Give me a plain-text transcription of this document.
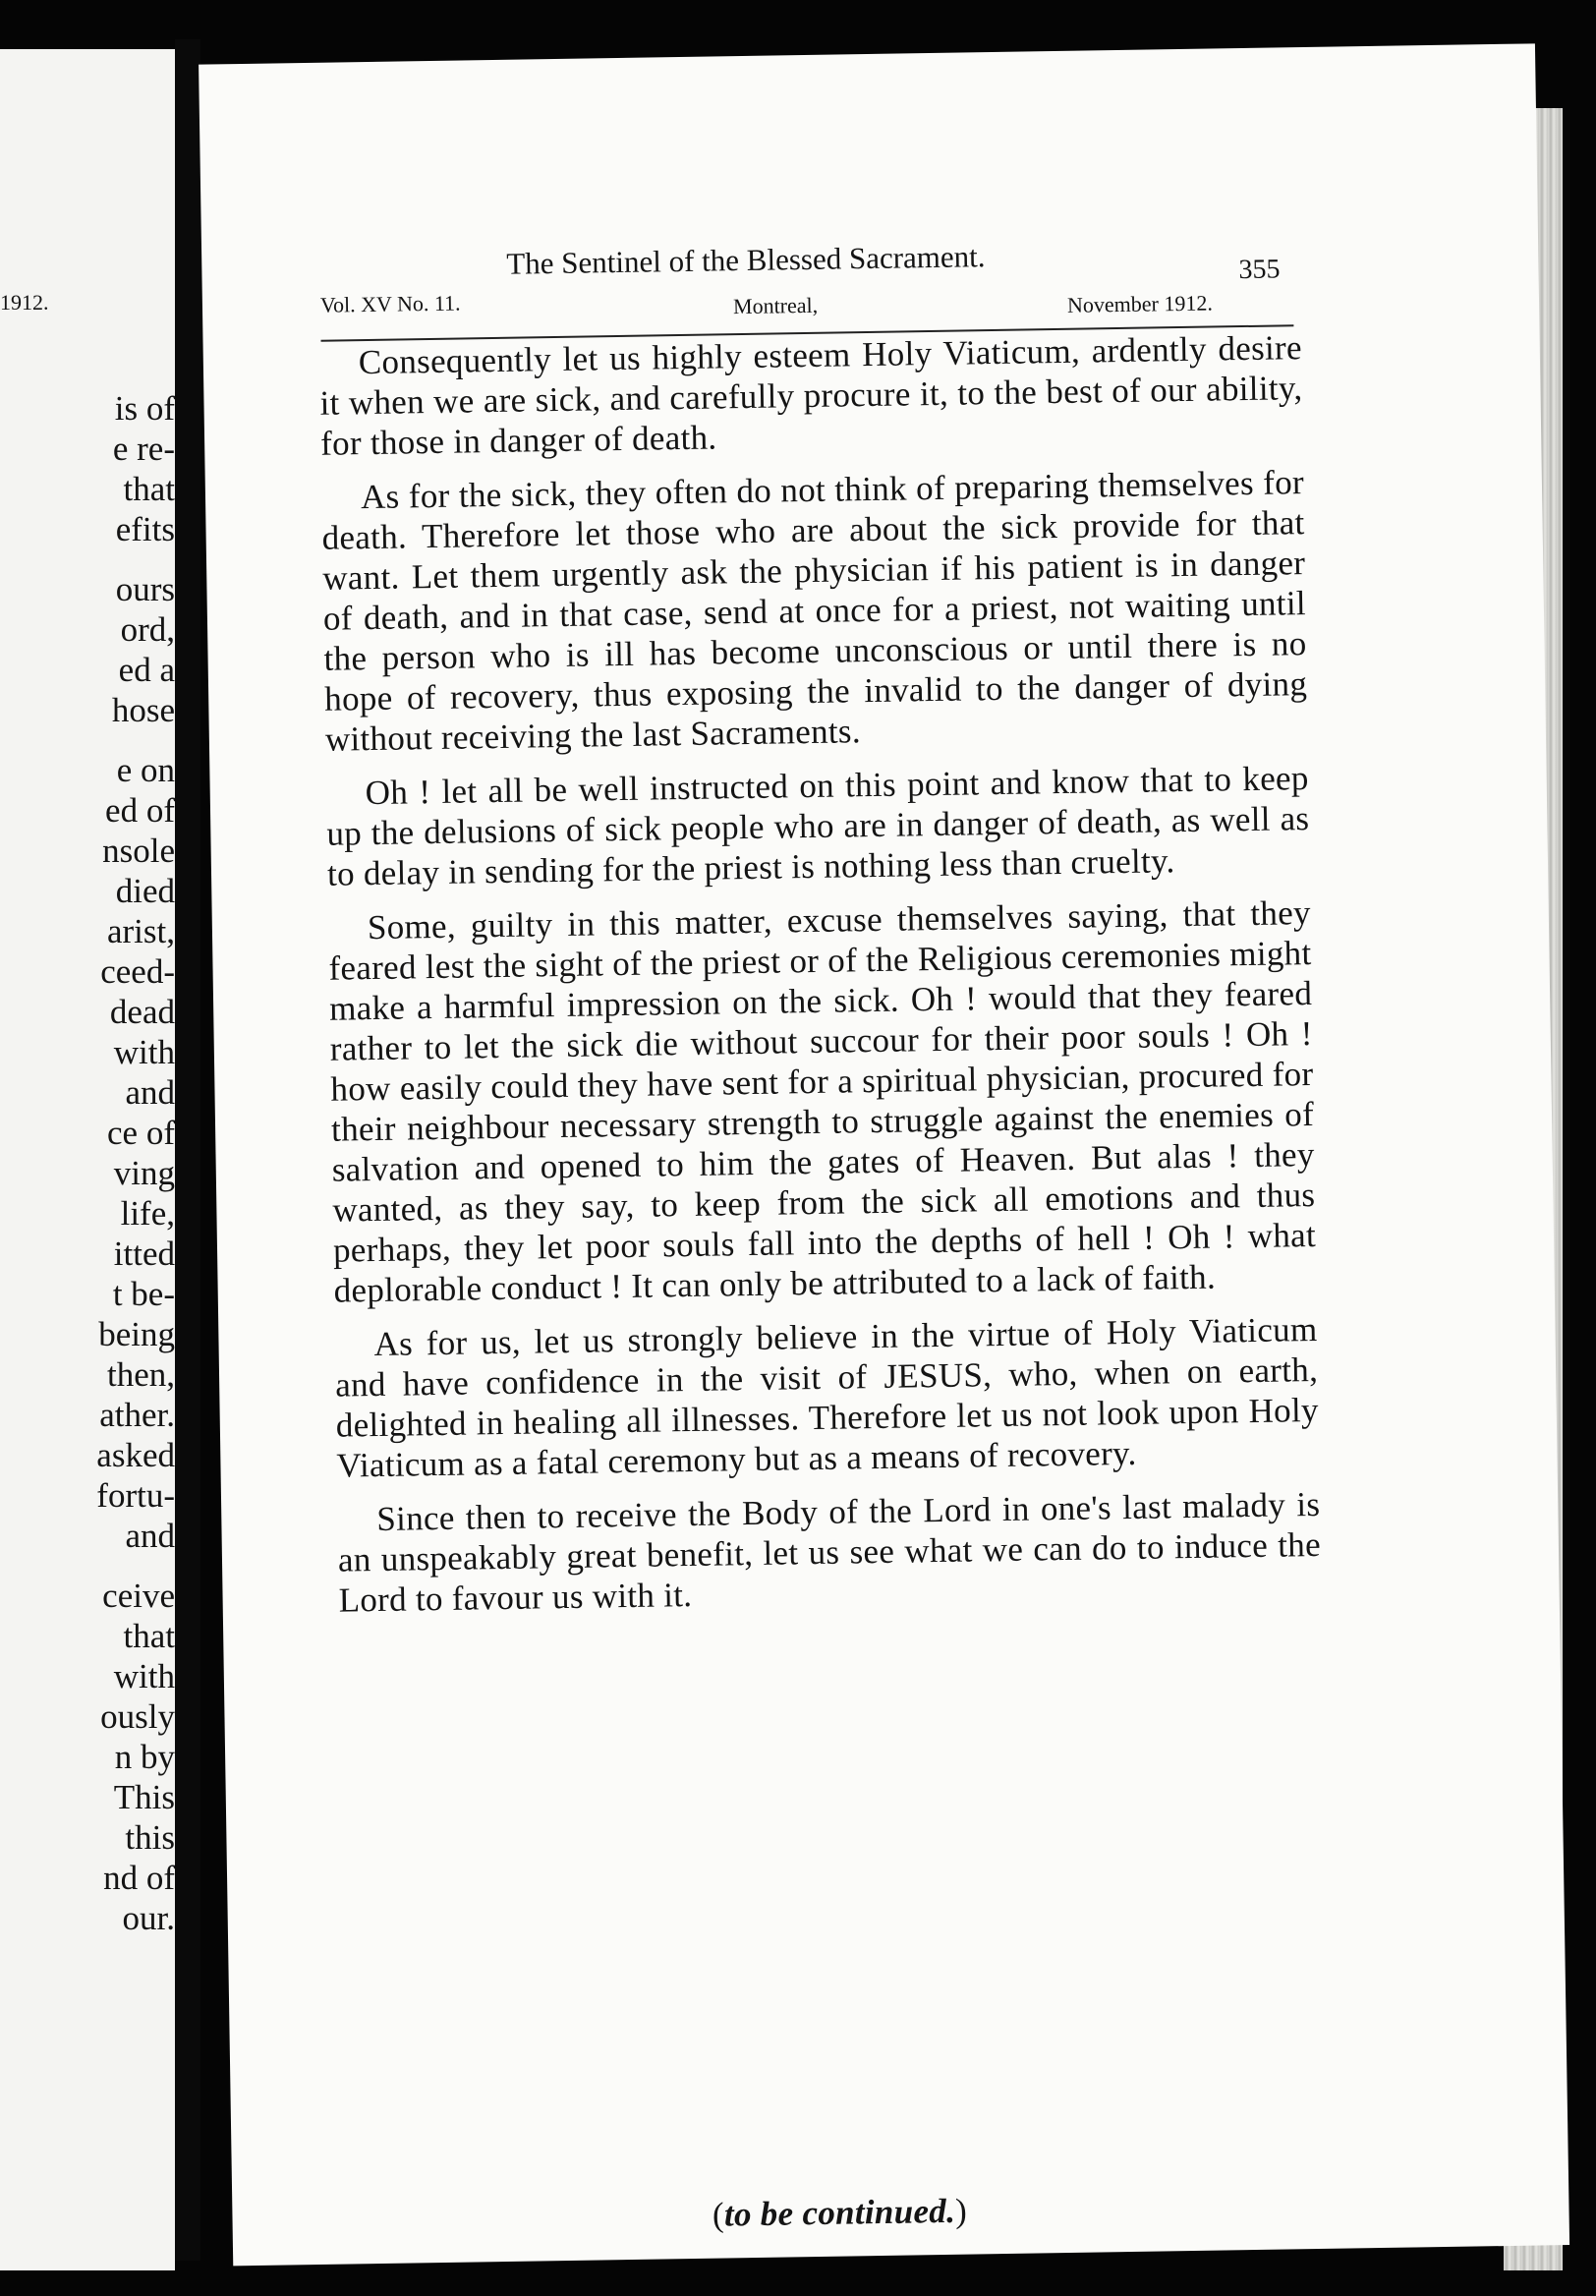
1912.
is of
e re-
that
efits
ours
ord,
ed a
hose
e on
ed of
nsole
died
arist,
ceed-
dead
with
and
ce of
ving
life,
itted
t be-
being
then,
ather.
asked
fortu-
and
ceive
that
with
ously
n by
This
this
nd of
our.
The Sentinel of the Blessed Sacrament.	355
Vol. XV No. 11.	Montreal,	November 1912.

Consequently let us highly esteem Holy Viaticum, ardently desire it when we are sick, and carefully procure it, to the best of our ability, for those in danger of death.

As for the sick, they often do not think of preparing themselves for death. Therefore let those who are about the sick provide for that want. Let them urgently ask the physician if his patient is in danger of death, and in that case, send at once for a priest, not waiting until the person who is ill has become unconscious or until there is no hope of recovery, thus exposing the invalid to the danger of dying without receiving the last Sacraments.

Oh ! let all be well instructed on this point and know that to keep up the delusions of sick people who are in danger of death, as well as to delay in sending for the priest is nothing less than cruelty.

Some, guilty in this matter, excuse themselves saying, that they feared lest the sight of the priest or of the Religious ceremonies might make a harmful impression on the sick. Oh ! would that they feared rather to let the sick die without succour for their poor souls ! Oh ! how easily could they have sent for a spiritual physician, procured for their neighbour necessary strength to struggle against the enemies of salvation and opened to him the gates of Heaven. But alas ! they wanted, as they say, to keep from the sick all emotions and thus perhaps, they let poor souls fall into the depths of hell ! Oh ! what deplorable conduct ! It can only be attributed to a lack of faith.

As for us, let us strongly believe in the virtue of Holy Viaticum and have confidence in the visit of JESUS, who, when on earth, delighted in healing all illnesses. Therefore let us not look upon Holy Viaticum as a fatal ceremony but as a means of recovery.

Since then to receive the Body of the Lord in one's last malady is an unspeakably great benefit, let us see what we can do to induce the Lord to favour us with it.

(to be continued.)
